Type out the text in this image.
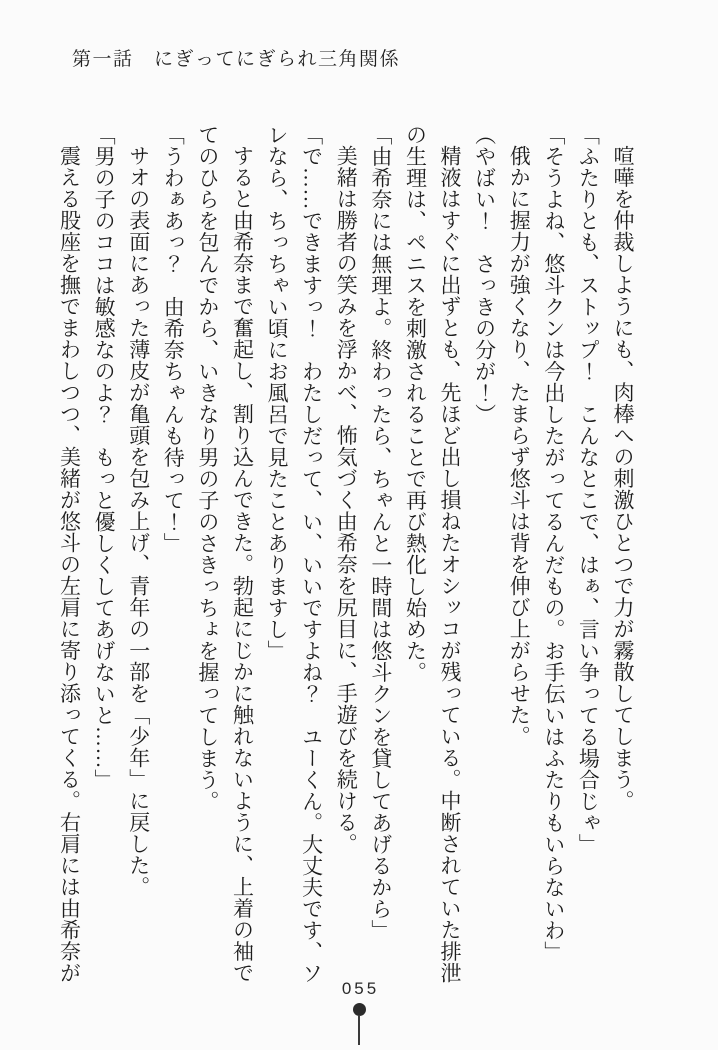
第一話　にぎってにぎられ三角関係

喧嘩を仲裁しようにも、肉棒への刺激ひとつで力が霧散してしまう。

「ふたりとも、ストップ！　こんなとこで、はぁ、言い争ってる場合じゃ」

「そうよね、悠斗クンは今出したがってるんだもの。お手伝いはふたりもいらないわ」

俄かに握力が強くなり、たまらず悠斗は背を伸び上がらせた。

（やばい！　さっきの分が！）

精液はすぐに出ずとも、先ほど出し損ねたオシッコが残っている。中断されていた排泄の生理は、ペニスを刺激されることで再び熱化し始めた。

「由希奈には無理よ。終わったら、ちゃんと一時間は悠斗クンを貸してあげるから」

美緒は勝者の笑みを浮かべ、怖気づく由希奈を尻目に、手遊びを続ける。

「で……できますっ！　わたしだって、い、いいですよね？　ユーくん。大丈夫です、ソレなら、ちっちゃい頃にお風呂で見たことありますし」

すると由希奈まで奮起し、割り込んできた。勃起にじかに触れないように、上着の袖でてのひらを包んでから、いきなり男の子のさきっちょを握ってしまう。

「うわぁあっ？　由希奈ちゃんも待って！」

サオの表面にあった薄皮が亀頭を包み上げ、青年の一部を「少年」に戻した。

「男の子のココは敏感なのよ？　もっと優しくしてあげないと……」

震える股座を撫でまわしつつ、美緒が悠斗の左肩に寄り添ってくる。右肩には由希奈が

055
